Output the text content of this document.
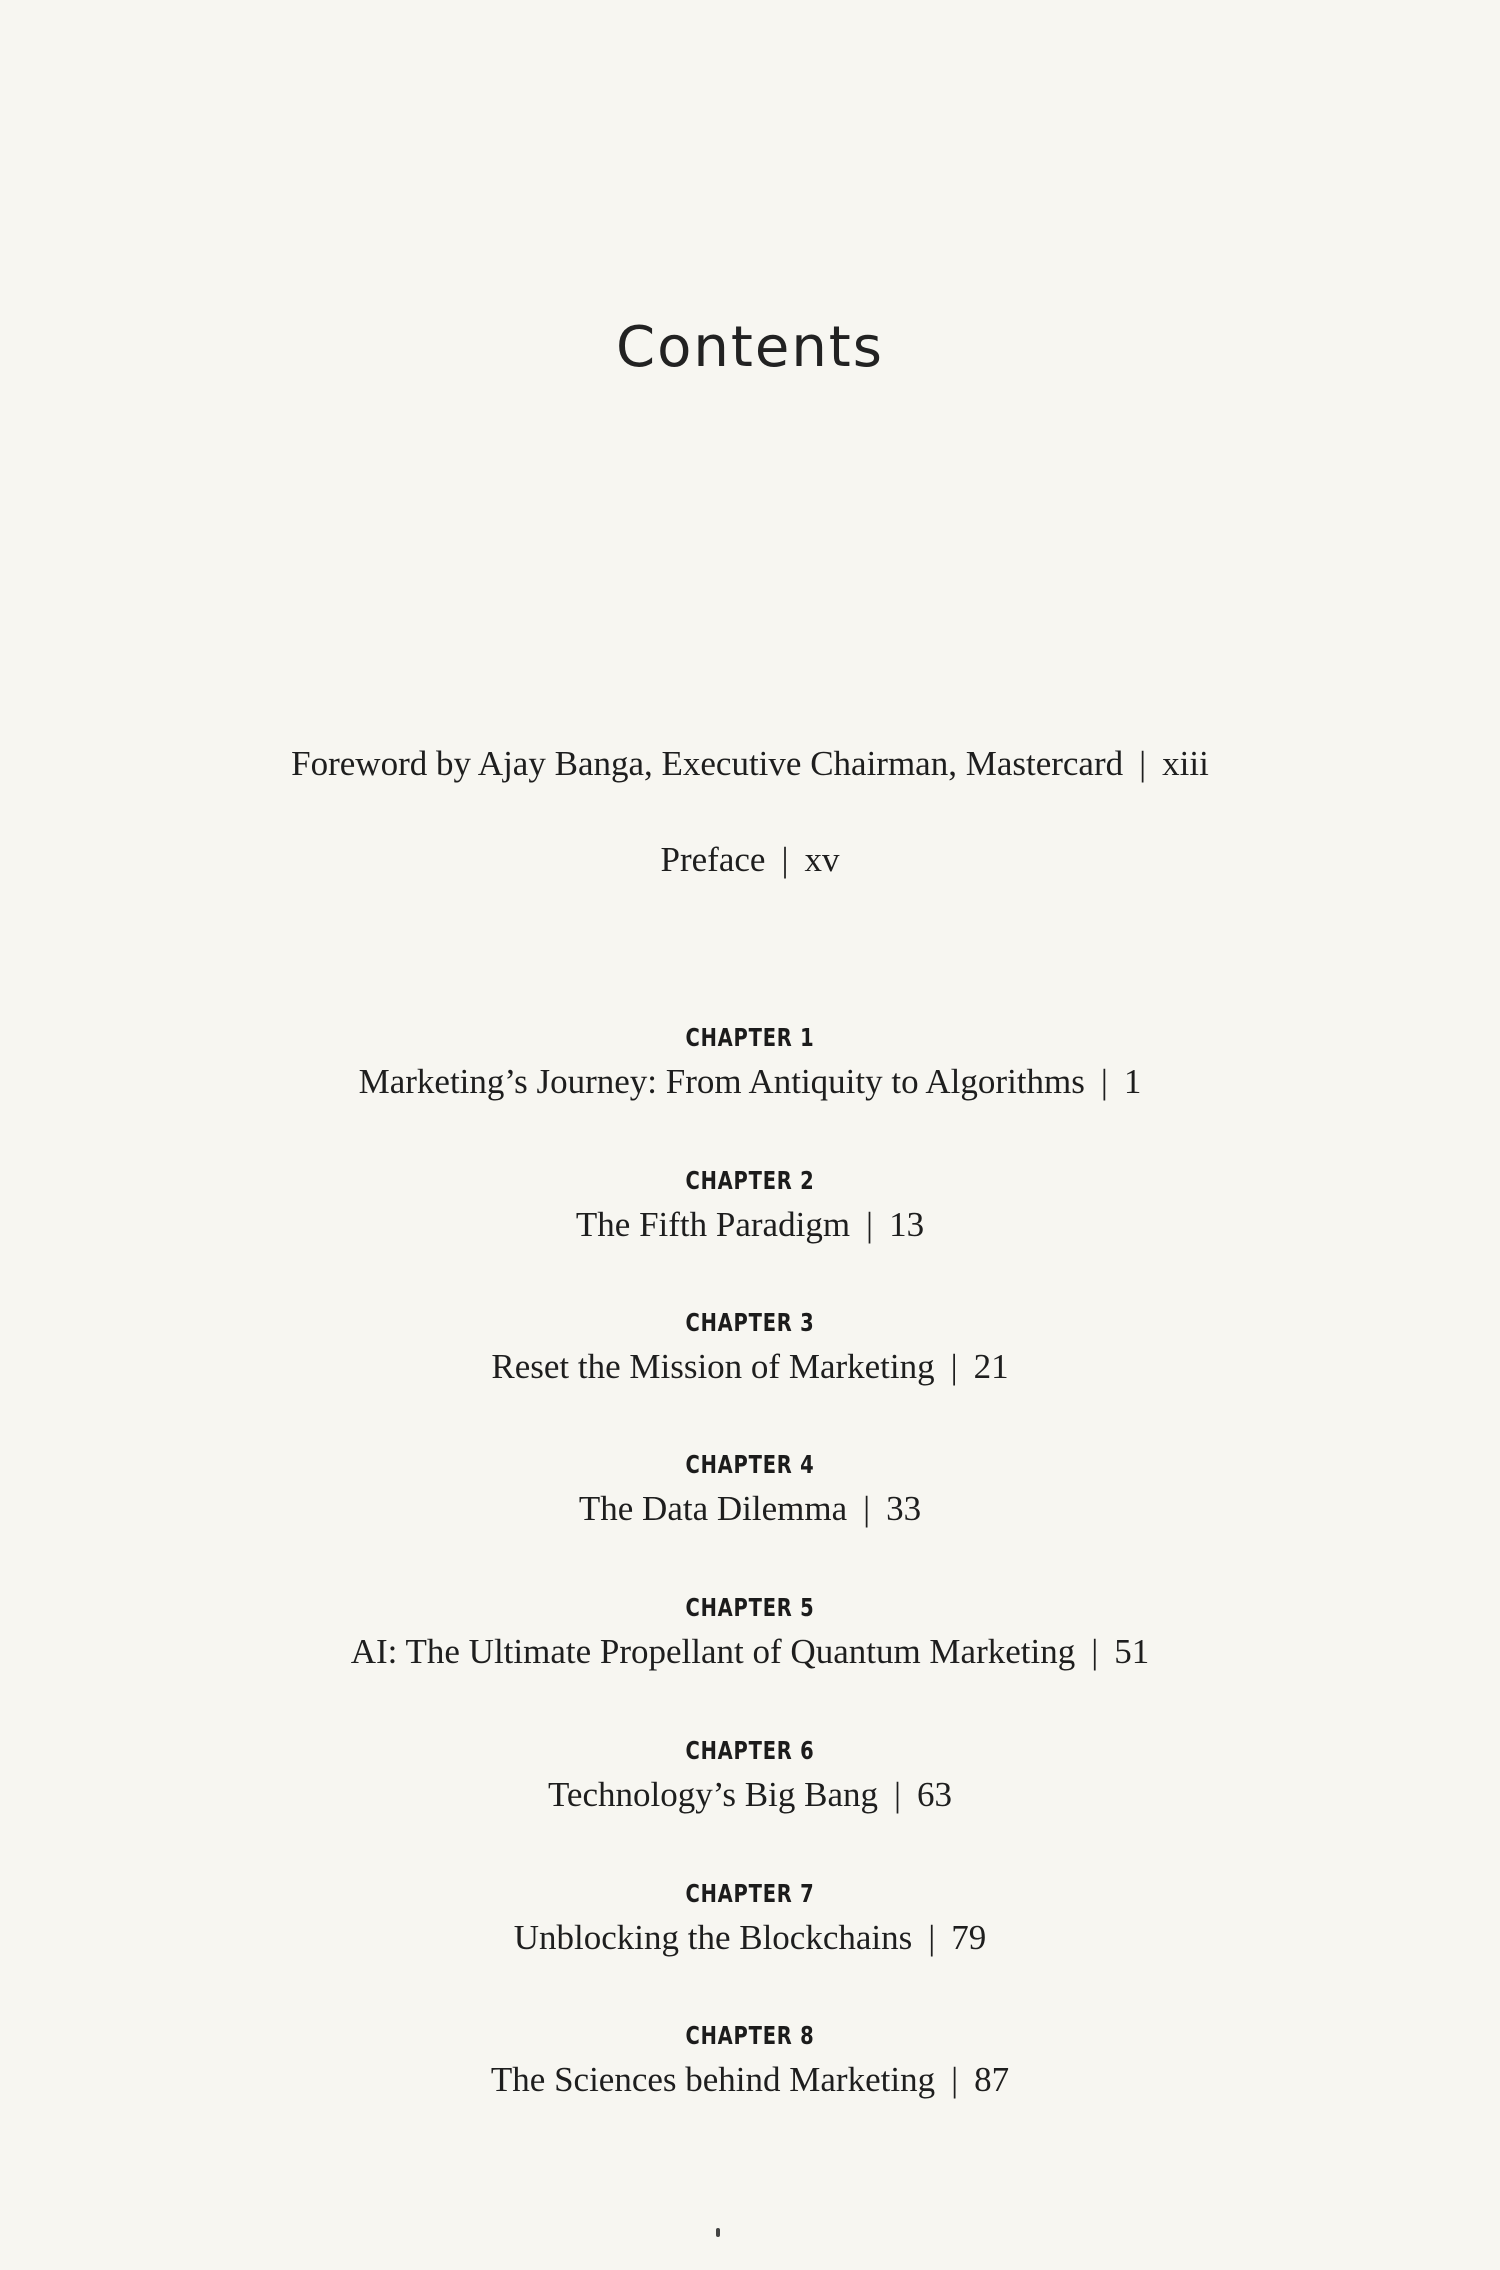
Contents
Foreword by Ajay Banga, Executive Chairman, Mastercard | xiii
Preface | xv
CHAPTER 1
Marketing’s Journey: From Antiquity to Algorithms | 1
CHAPTER 2
The Fifth Paradigm | 13
CHAPTER 3
Reset the Mission of Marketing | 21
CHAPTER 4
The Data Dilemma | 33
CHAPTER 5
AI: The Ultimate Propellant of Quantum Marketing | 51
CHAPTER 6
Technology’s Big Bang | 63
CHAPTER 7
Unblocking the Blockchains | 79
CHAPTER 8
The Sciences behind Marketing | 87
